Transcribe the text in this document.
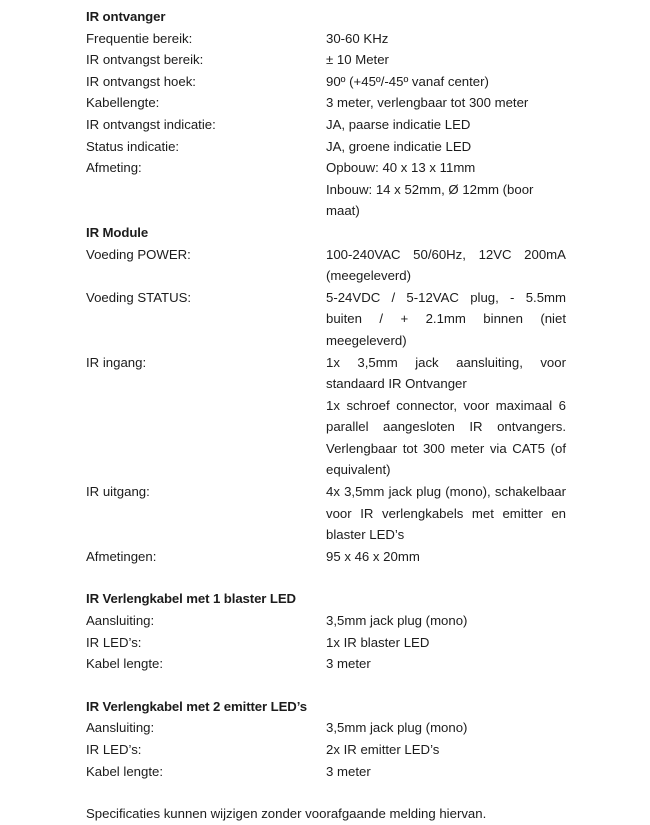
IR ontvanger	
Frequentie bereik:	30-60 KHz
IR ontvangst bereik:	± 10 Meter
IR ontvangst hoek:	90º (+45º/-45º vanaf center)
Kabellengte:	3 meter, verlengbaar tot 300 meter
IR ontvangst indicatie:	JA, paarse indicatie LED
Status indicatie:	JA, groene indicatie LED
Afmeting:	Opbouw: 40 x 13 x 11mm
	Inbouw: 14 x 52mm, Ø 12mm (boor maat)
IR Module	
Voeding POWER:	100-240VAC 50/60Hz, 12VC 200mA
(meegeleverd)

Voeding STATUS:	5-24VDC / 5-12VAC plug, - 5.5mm buiten / + 2.1mm binnen (niet meegeleverd)
IR ingang:	1x 3,5mm jack aansluiting, voor standaard IR Ontvanger
	1x schroef connector, voor maximaal 6 parallel aangesloten IR ontvangers. Verlengbaar tot 300 meter via CAT5 (of equivalent)
IR uitgang:	4x 3,5mm jack plug (mono), schakelbaar voor IR verlengkabels met emitter en blaster LED’s
Afmetingen:	95 x 46 x 20mm

IR Verlengkabel met 1 blaster LED	
Aansluiting:	3,5mm jack plug (mono)
IR LED’s:	1x IR blaster LED
Kabel lengte:	3 meter

IR Verlengkabel met 2 emitter LED’s	
Aansluiting:	3,5mm jack plug (mono)
IR LED’s:	2x IR emitter LED’s
Kabel lengte:	3 meter
Specificaties kunnen wijzigen zonder voorafgaande melding hiervan.
